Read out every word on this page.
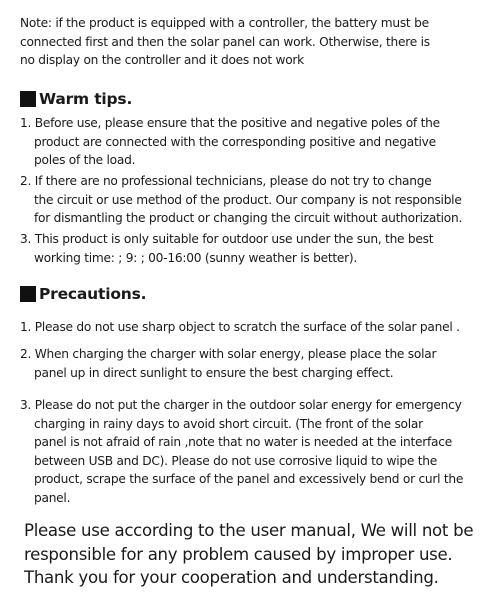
Note: if the product is equipped with a controller, the battery must be
connected first and then the solar panel can work. Otherwise, there is
no display on the controller and it does not work
Warm tips.
1. Before use, please ensure that the positive and negative poles of the
product are connected with the corresponding positive and negative
poles of the load.
2. If there are no professional technicians, please do not try to change
the circuit or use method of the product. Our company is not responsible
for dismantling the product or changing the circuit without authorization.
3. This product is only suitable for outdoor use under the sun, the best
working time: ; 9: ; 00-16:00 (sunny weather is better).
Precautions.
1. Please do not use sharp object to scratch the surface of the solar panel .
2. When charging the charger with solar energy, please place the solar
panel up in direct sunlight to ensure the best charging effect.
3. Please do not put the charger in the outdoor solar energy for emergency
charging in rainy days to avoid short circuit. (The front of the solar
panel is not afraid of rain ,note that no water is needed at the interface
between USB and DC). Please do not use corrosive liquid to wipe the
product, scrape the surface of the panel and excessively bend or curl the
panel.
Please use according to the user manual, We will not be
responsible for any problem caused by improper use.
Thank you for your cooperation and understanding.
